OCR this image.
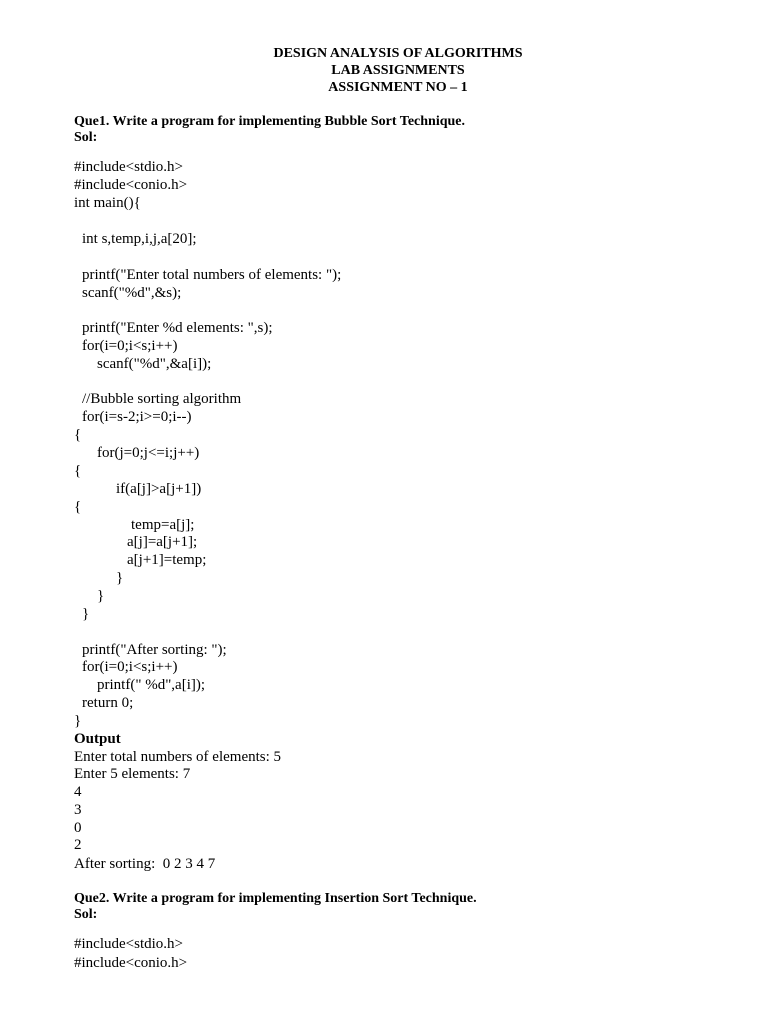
DESIGN ANALYSIS OF ALGORITHMS
LAB ASSIGNMENTS
ASSIGNMENT NO – 1
Que1. Write a program for implementing Bubble Sort Technique.
Sol:
#include<stdio.h>
#include<conio.h>
int main(){
int s,temp,i,j,a[20];
printf("Enter total numbers of elements: ");
scanf("%d",&s);
printf("Enter %d elements: ",s);
for(i=0;i<s;i++)
scanf("%d",&a[i]);
//Bubble sorting algorithm
for(i=s-2;i>=0;i--)
{
for(j=0;j<=i;j++)
{
if(a[j]>a[j+1])
{
temp=a[j];
a[j]=a[j+1];
a[j+1]=temp;
}
}
}
printf("After sorting: ");
for(i=0;i<s;i++)
printf(" %d",a[i]);
return 0;
}
Output
Enter total numbers of elements: 5
Enter 5 elements: 7
4
3
0
2
After sorting:  0 2 3 4 7
Que2. Write a program for implementing Insertion Sort Technique.
Sol:
#include<stdio.h>
#include<conio.h>
